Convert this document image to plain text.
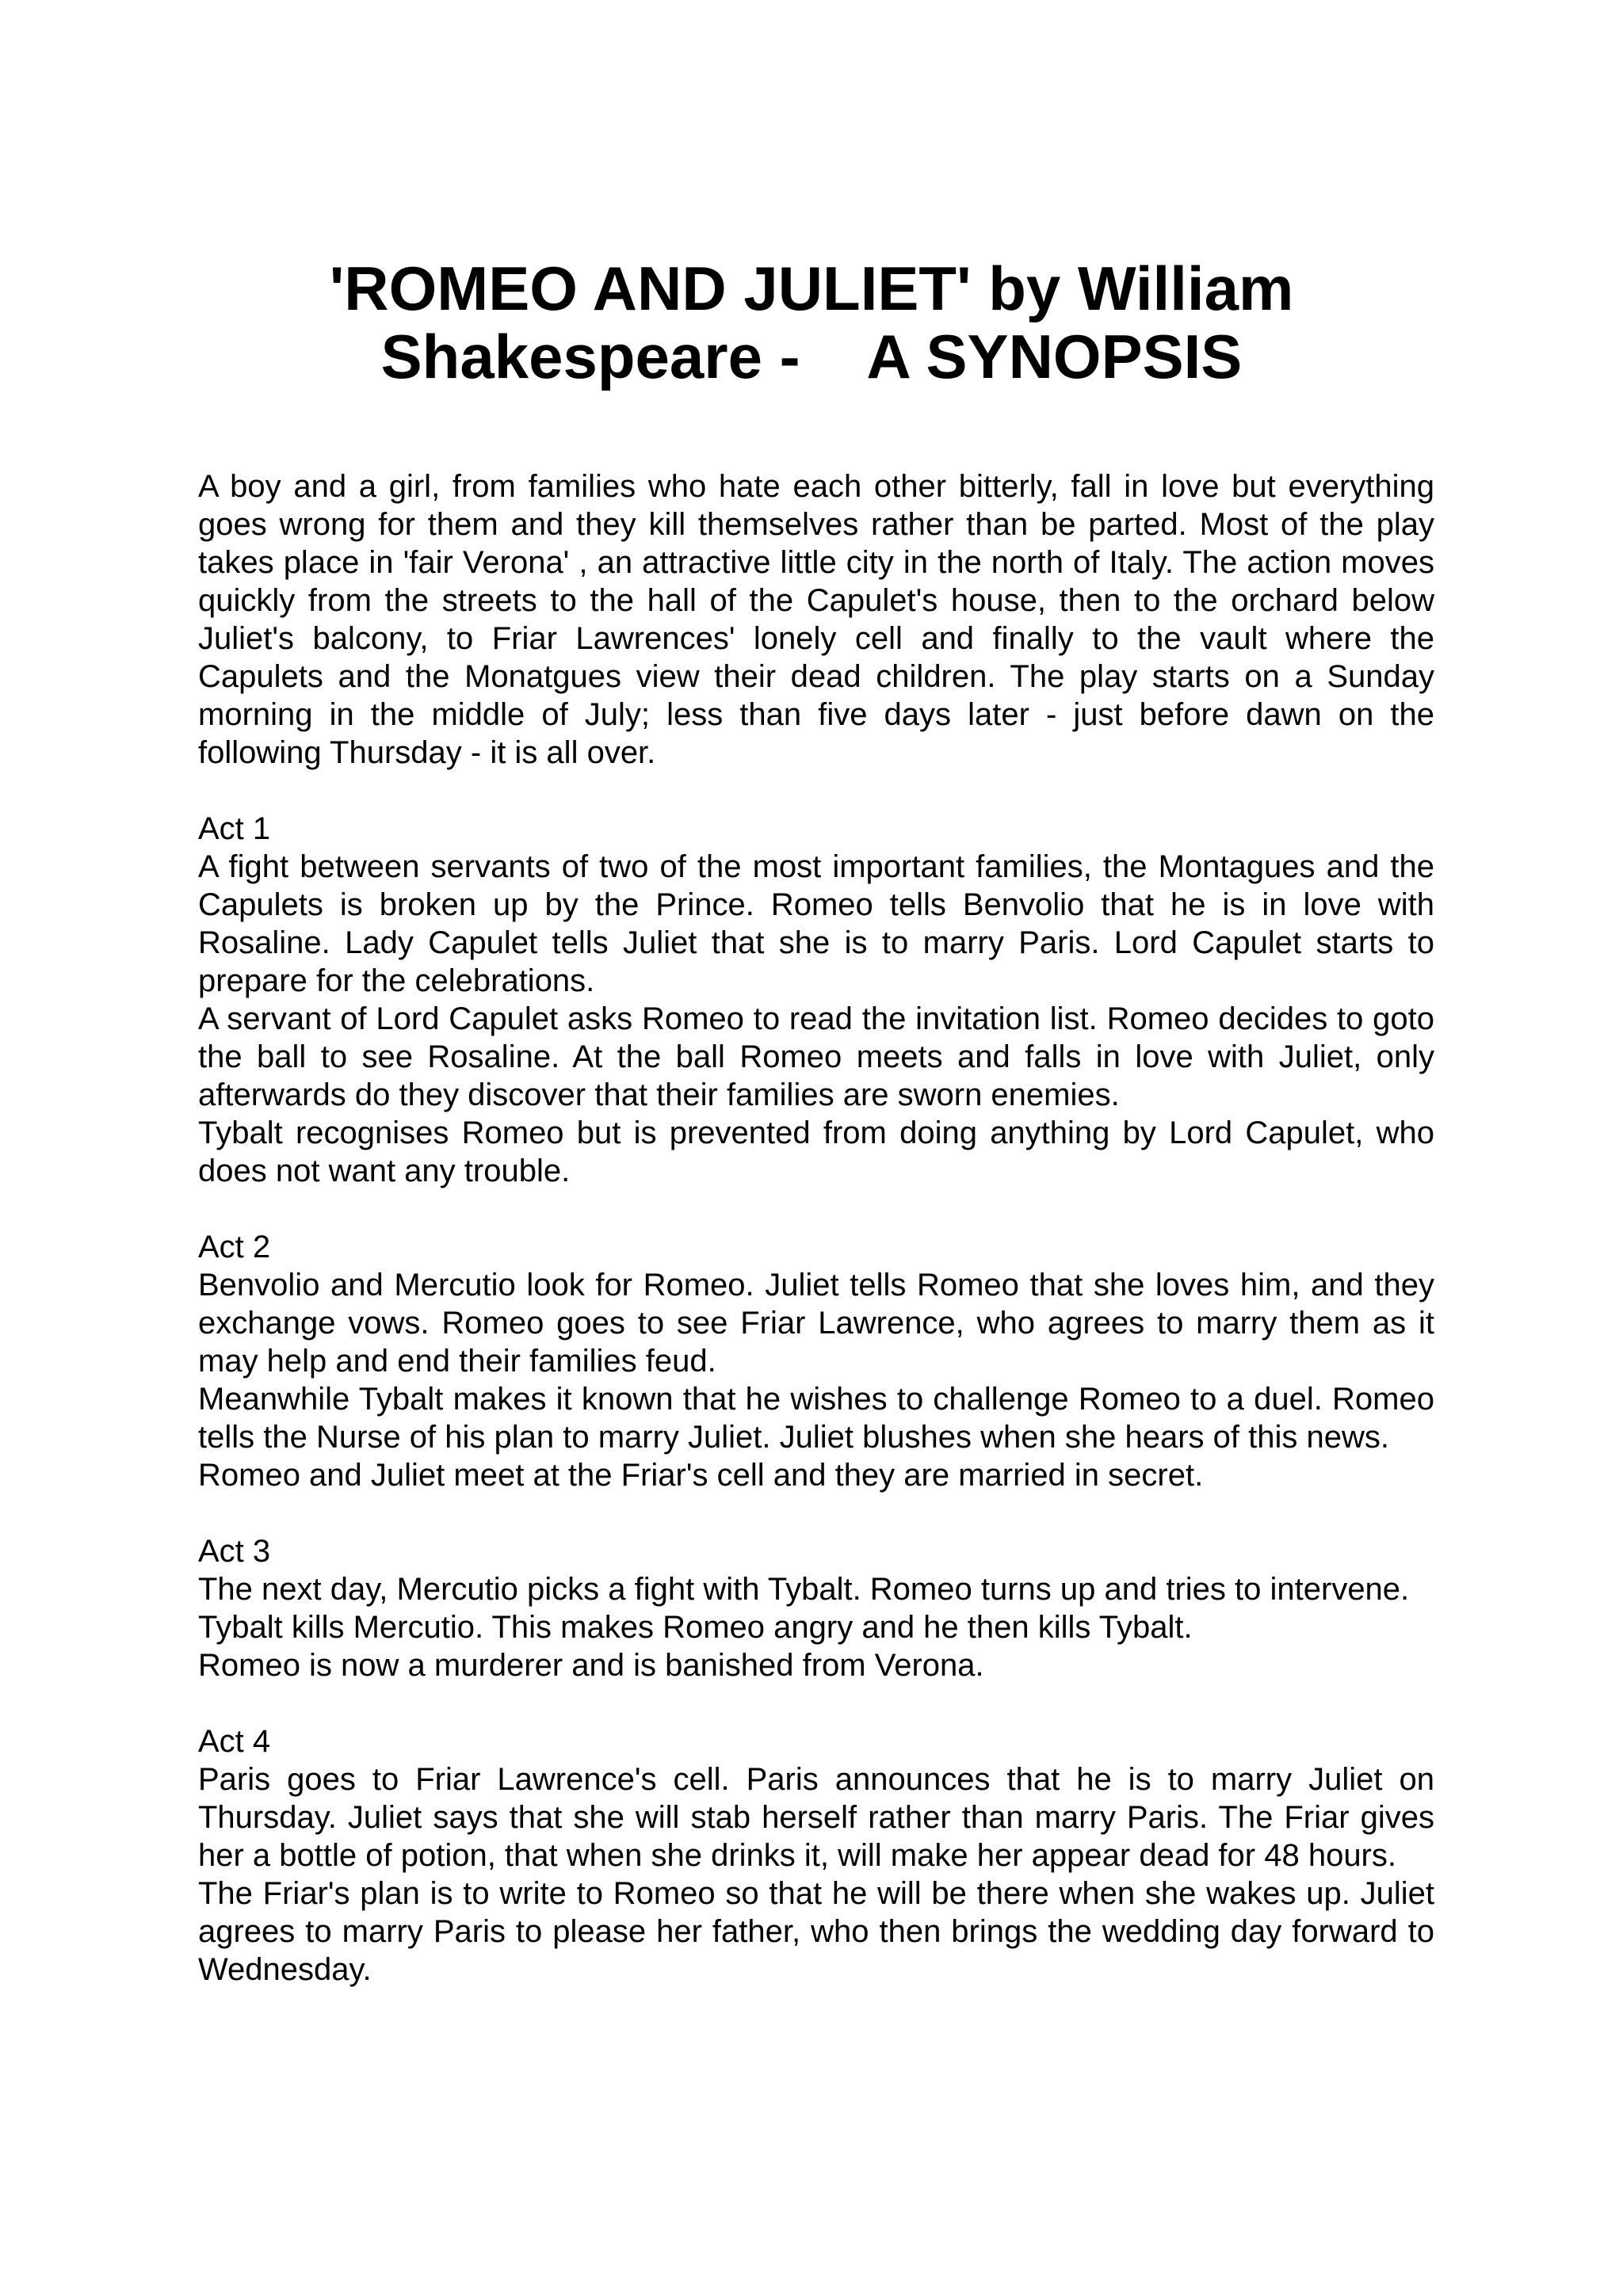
'ROMEO AND JULIET' by William
Shakespeare -    A SYNOPSIS

A boy and a girl, from families who hate each other bitterly, fall in love but everything goes wrong for them and they kill themselves rather than be parted. Most of the play takes place in 'fair Verona' , an attractive little city in the north of Italy. The action moves quickly from the streets to the hall of the Capulet's house, then to the orchard below Juliet's balcony, to Friar Lawrences' lonely cell and finally to the vault where the Capulets and the Monatgues view their dead children. The play starts on a Sunday morning in the middle of July; less than five days later - just before dawn on the following Thursday - it is all over.

Act 1

A fight between servants of two of the most important families, the Montagues and the Capulets is broken up by the Prince. Romeo tells Benvolio that he is in love with Rosaline. Lady Capulet tells Juliet that she is to marry Paris. Lord Capulet starts to prepare for the celebrations.

A servant of Lord Capulet asks Romeo to read the invitation list. Romeo decides to goto the ball to see Rosaline. At the ball Romeo meets and falls in love with Juliet, only afterwards do they discover that their families are sworn enemies.

Tybalt recognises Romeo but is prevented from doing anything by Lord Capulet, who does not want any trouble.

Act 2

Benvolio and Mercutio look for Romeo. Juliet tells Romeo that she loves him, and they exchange vows. Romeo goes to see Friar Lawrence, who agrees to marry them as it may help and end their families feud.

Meanwhile Tybalt makes it known that he wishes to challenge Romeo to a duel. Romeo tells the Nurse of his plan to marry Juliet. Juliet blushes when she hears of this news.

Romeo and Juliet meet at the Friar's cell and they are married in secret.

Act 3

The next day, Mercutio picks a fight with Tybalt. Romeo turns up and tries to intervene.

Tybalt kills Mercutio. This makes Romeo angry and he then kills Tybalt.

Romeo is now a murderer and is banished from Verona.

Act 4

Paris goes to Friar Lawrence's cell. Paris announces that he is to marry Juliet on Thursday. Juliet says that she will stab herself rather than marry Paris. The Friar gives her a bottle of potion, that when she drinks it, will make her appear dead for 48 hours.

The Friar's plan is to write to Romeo so that he will be there when she wakes up. Juliet agrees to marry Paris to please her father, who then brings the wedding day forward to Wednesday.
